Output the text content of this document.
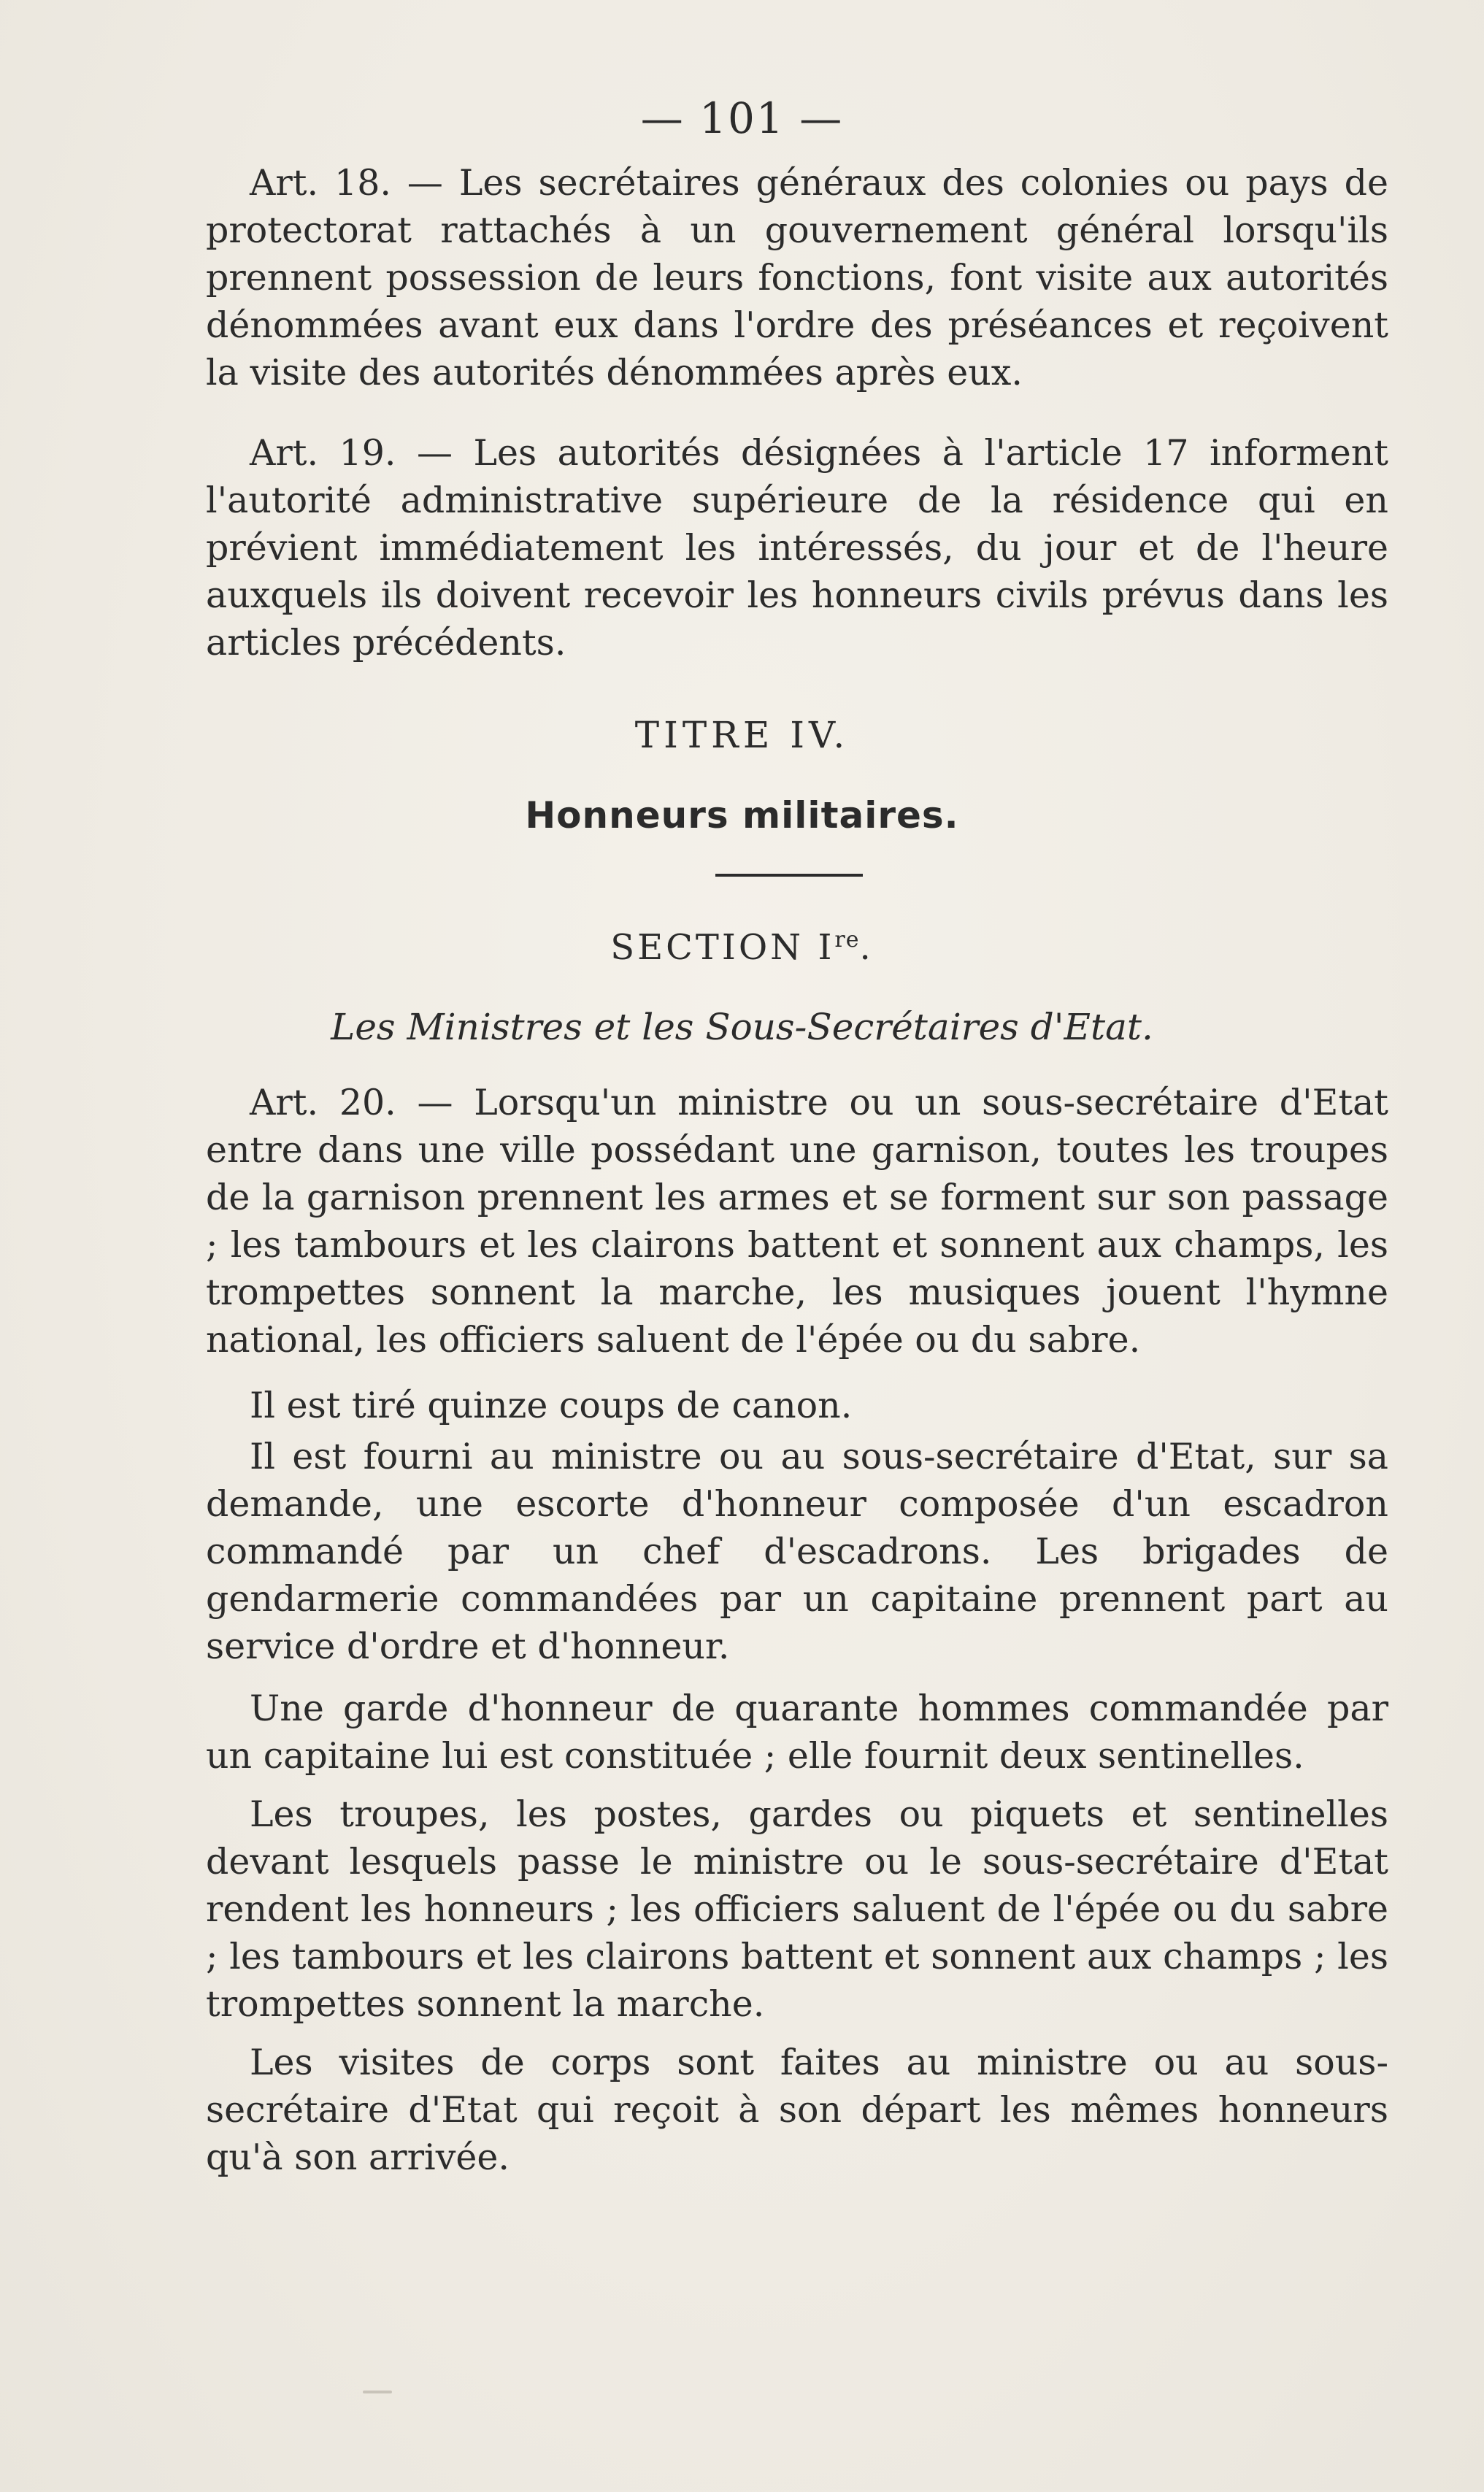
— 101 —

Art. 18. — Les secrétaires généraux des colonies ou pays de protectorat rattachés à un gouvernement général lorsqu'ils prennent possession de leurs fonctions, font visite aux autorités dénommées avant eux dans l'ordre des préséances et reçoivent la visite des autorités dénommées après eux.

Art. 19. — Les autorités désignées à l'article 17 informent l'autorité administrative supérieure de la résidence qui en prévient immédiatement les intéressés, du jour et de l'heure auxquels ils doivent recevoir les honneurs civils prévus dans les articles précédents.

TITRE IV.
Honneurs militaires.
SECTION Ire.
Les Ministres et les Sous-Secrétaires d'Etat.

Art. 20. — Lorsqu'un ministre ou un sous-secrétaire d'Etat entre dans une ville possédant une garnison, toutes les troupes de la garnison prennent les armes et se forment sur son passage ; les tambours et les clairons battent et sonnent aux champs, les trompettes sonnent la marche, les musiques jouent l'hymne national, les officiers saluent de l'épée ou du sabre.

Il est tiré quinze coups de canon.

Il est fourni au ministre ou au sous-secrétaire d'Etat, sur sa demande, une escorte d'honneur composée d'un escadron commandé par un chef d'escadrons. Les brigades de gendarmerie commandées par un capitaine prennent part au service d'ordre et d'honneur.

Une garde d'honneur de quarante hommes commandée par un capitaine lui est constituée ; elle fournit deux sentinelles.

Les troupes, les postes, gardes ou piquets et sentinelles devant lesquels passe le ministre ou le sous-secrétaire d'Etat rendent les honneurs ; les officiers saluent de l'épée ou du sabre ; les tambours et les clairons battent et sonnent aux champs ; les trompettes sonnent la marche.

Les visites de corps sont faites au ministre ou au sous-secrétaire d'Etat qui reçoit à son départ les mêmes honneurs qu'à son arrivée.
